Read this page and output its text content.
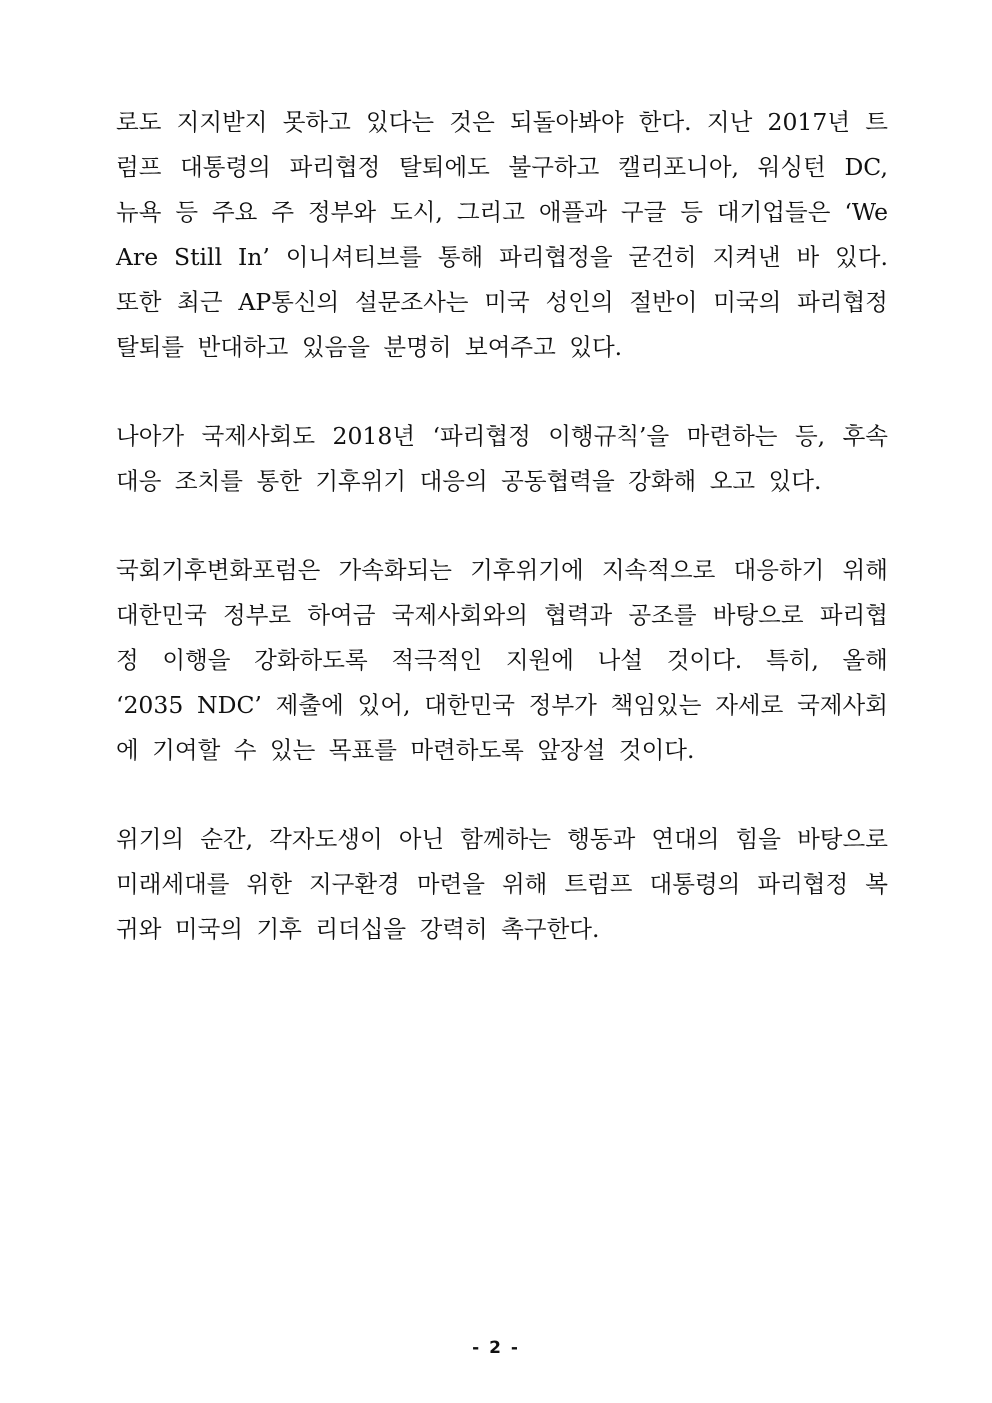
로도 지지받지 못하고 있다는 것은 되돌아봐야 한다. 지난 2017년 트
럼프 대통령의 파리협정 탈퇴에도 불구하고 캘리포니아, 워싱턴 DC,
뉴욕 등 주요 주 정부와 도시, 그리고 애플과 구글 등 대기업들은 ‘We
Are Still In’ 이니셔티브를 통해 파리협정을 굳건히 지켜낸 바 있다.
또한 최근 AP통신의 설문조사는 미국 성인의 절반이 미국의 파리협정
탈퇴를 반대하고 있음을 분명히 보여주고 있다.
나아가 국제사회도 2018년 ‘파리협정 이행규칙’을 마련하는 등, 후속
대응 조치를 통한 기후위기 대응의 공동협력을 강화해 오고 있다.
국회기후변화포럼은 가속화되는 기후위기에 지속적으로 대응하기 위해
대한민국 정부로 하여금 국제사회와의 협력과 공조를 바탕으로 파리협
정 이행을 강화하도록 적극적인 지원에 나설 것이다. 특히, 올해
‘2035 NDC’ 제출에 있어, 대한민국 정부가 책임있는 자세로 국제사회
에 기여할 수 있는 목표를 마련하도록 앞장설 것이다.
위기의 순간, 각자도생이 아닌 함께하는 행동과 연대의 힘을 바탕으로
미래세대를 위한 지구환경 마련을 위해 트럼프 대통령의 파리협정 복
귀와 미국의 기후 리더십을 강력히 촉구한다.
- 2 -
